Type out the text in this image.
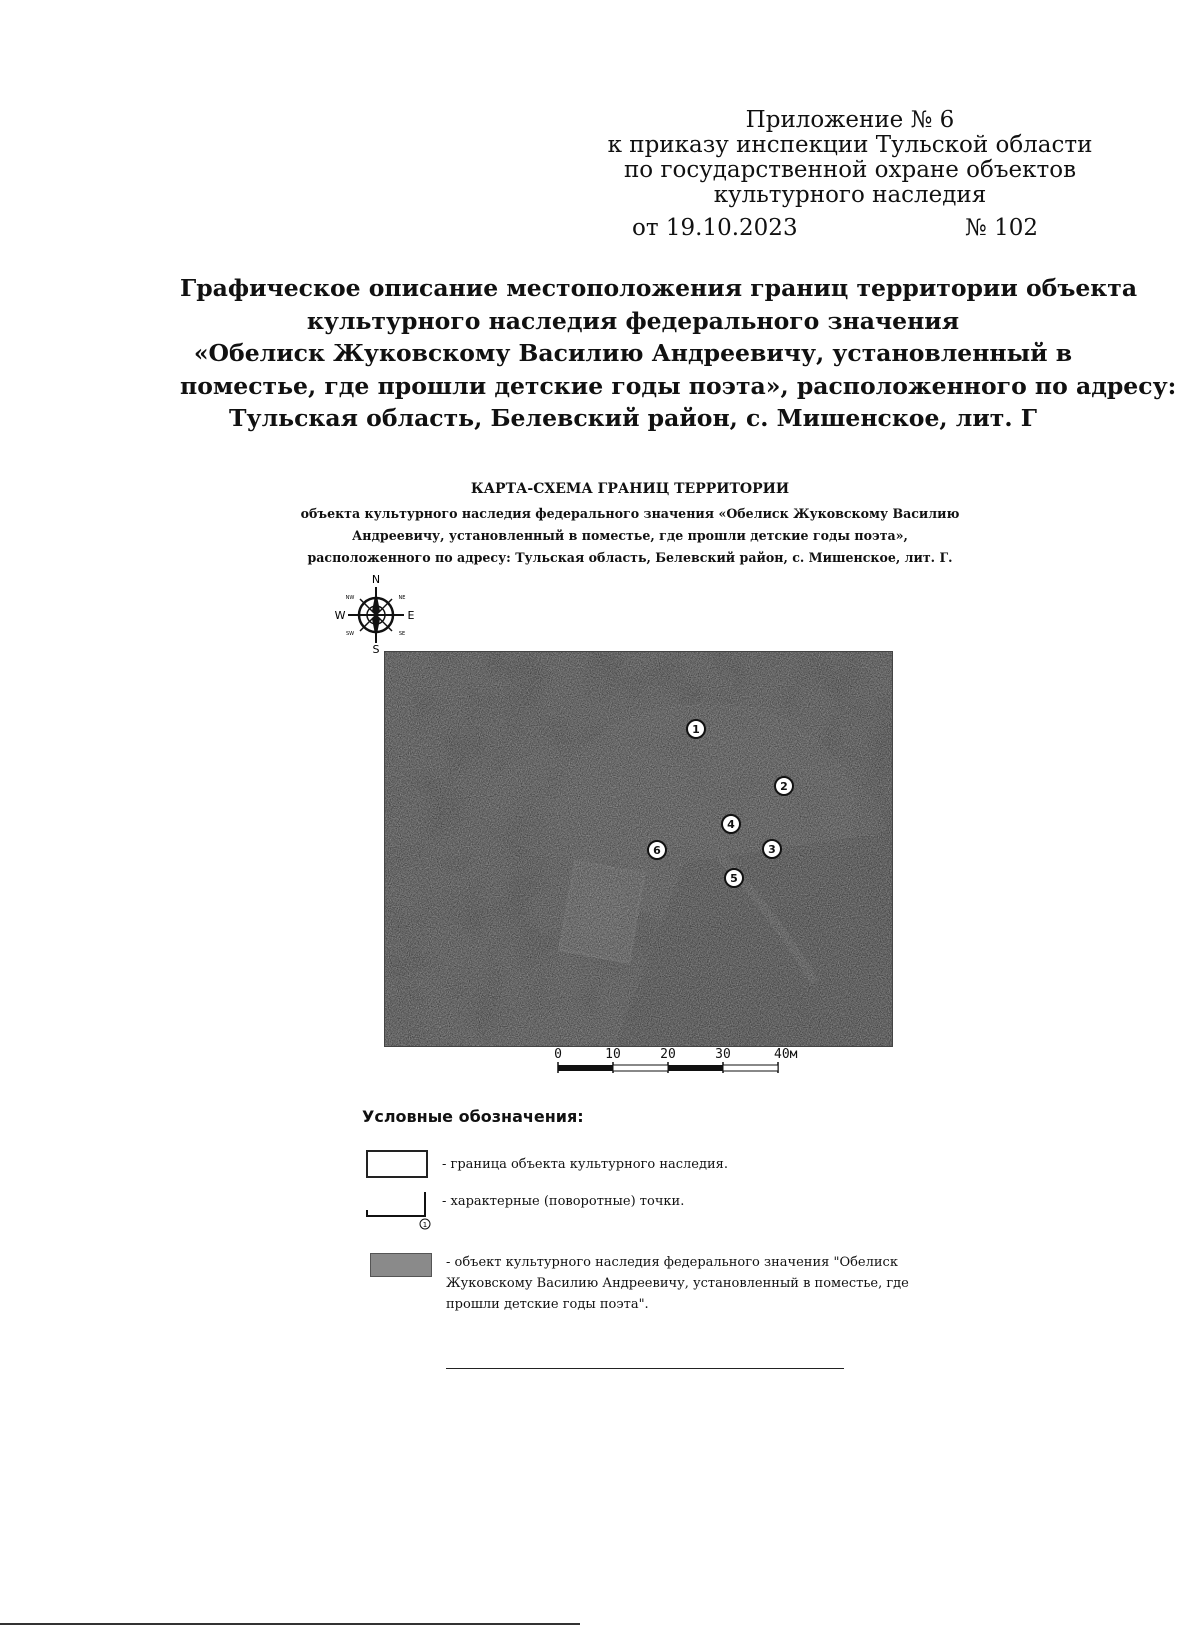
Приложение № 6
к приказу инспекции Тульской области
по государственной охране объектов
культурного наследия
от 19.10.2023	№ 102
Графическое описание местоположения границ территории объекта
культурного наследия федерального значения
«Обелиск Жуковскому Василию Андреевичу, установленный в
поместье, где прошли детские годы поэта», расположенного по адресу:
Тульская область, Белевский район, с. Мишенское, лит. Г
КАРТА-СХЕМА ГРАНИЦ ТЕРРИТОРИИ
объекта культурного наследия федерального значения «Обелиск Жуковскому Василию
Андреевичу, установленный в поместье, где прошли детские годы поэта»,
расположенного по адресу: Тульская область, Белевский район, с. Мишенское, лит. Г.
N
S
W	E
NW	NE
SW	SE
1
2
3
4
5
6
0	10	20	30	40м
Условные обозначения:
- граница объекта культурного наследия.
1
- характерные (поворотные) точки.
- объект культурного наследия федерального значения "Обелиск Жуковскому Василию Андреевичу, установленный в поместье, где прошли детские годы поэта".
